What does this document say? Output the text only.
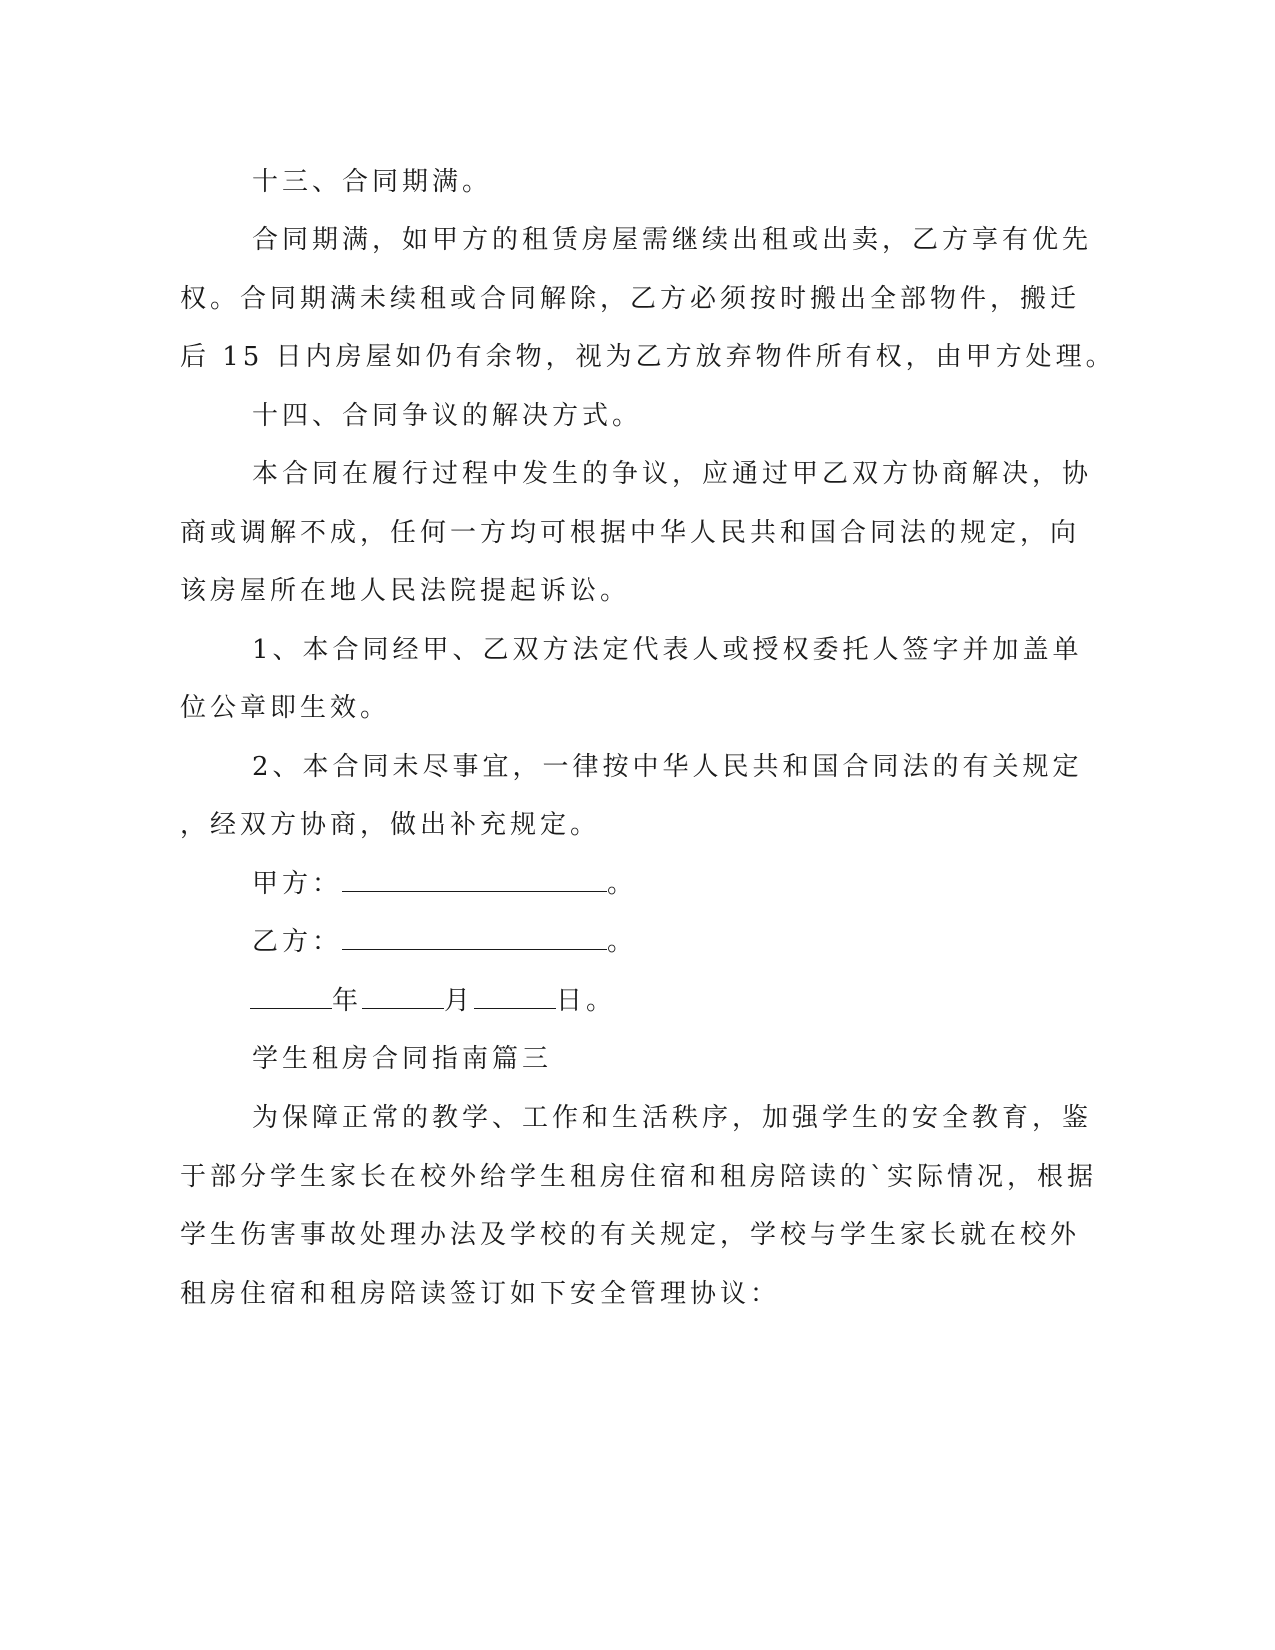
十三、合同期满。
合同期满，如甲方的租赁房屋需继续出租或出卖，乙方享有优先
权。合同期满未续租或合同解除，乙方必须按时搬出全部物件，搬迁
后 15 日内房屋如仍有余物，视为乙方放弃物件所有权，由甲方处理。
十四、合同争议的解决方式。
本合同在履行过程中发生的争议，应通过甲乙双方协商解决，协
商或调解不成，任何一方均可根据中华人民共和国合同法的规定，向
该房屋所在地人民法院提起诉讼。
1、本合同经甲、乙双方法定代表人或授权委托人签字并加盖单
位公章即生效。
2、本合同未尽事宜，一律按中华人民共和国合同法的有关规定
，经双方协商，做出补充规定。
甲方：	。
乙方：	。
年	月	日。
学生租房合同指南篇三
为保障正常的教学、工作和生活秩序，加强学生的安全教育，鉴
于部分学生家长在校外给学生租房住宿和租房陪读的`实际情况，根据
学生伤害事故处理办法及学校的有关规定，学校与学生家长就在校外
租房住宿和租房陪读签订如下安全管理协议：
